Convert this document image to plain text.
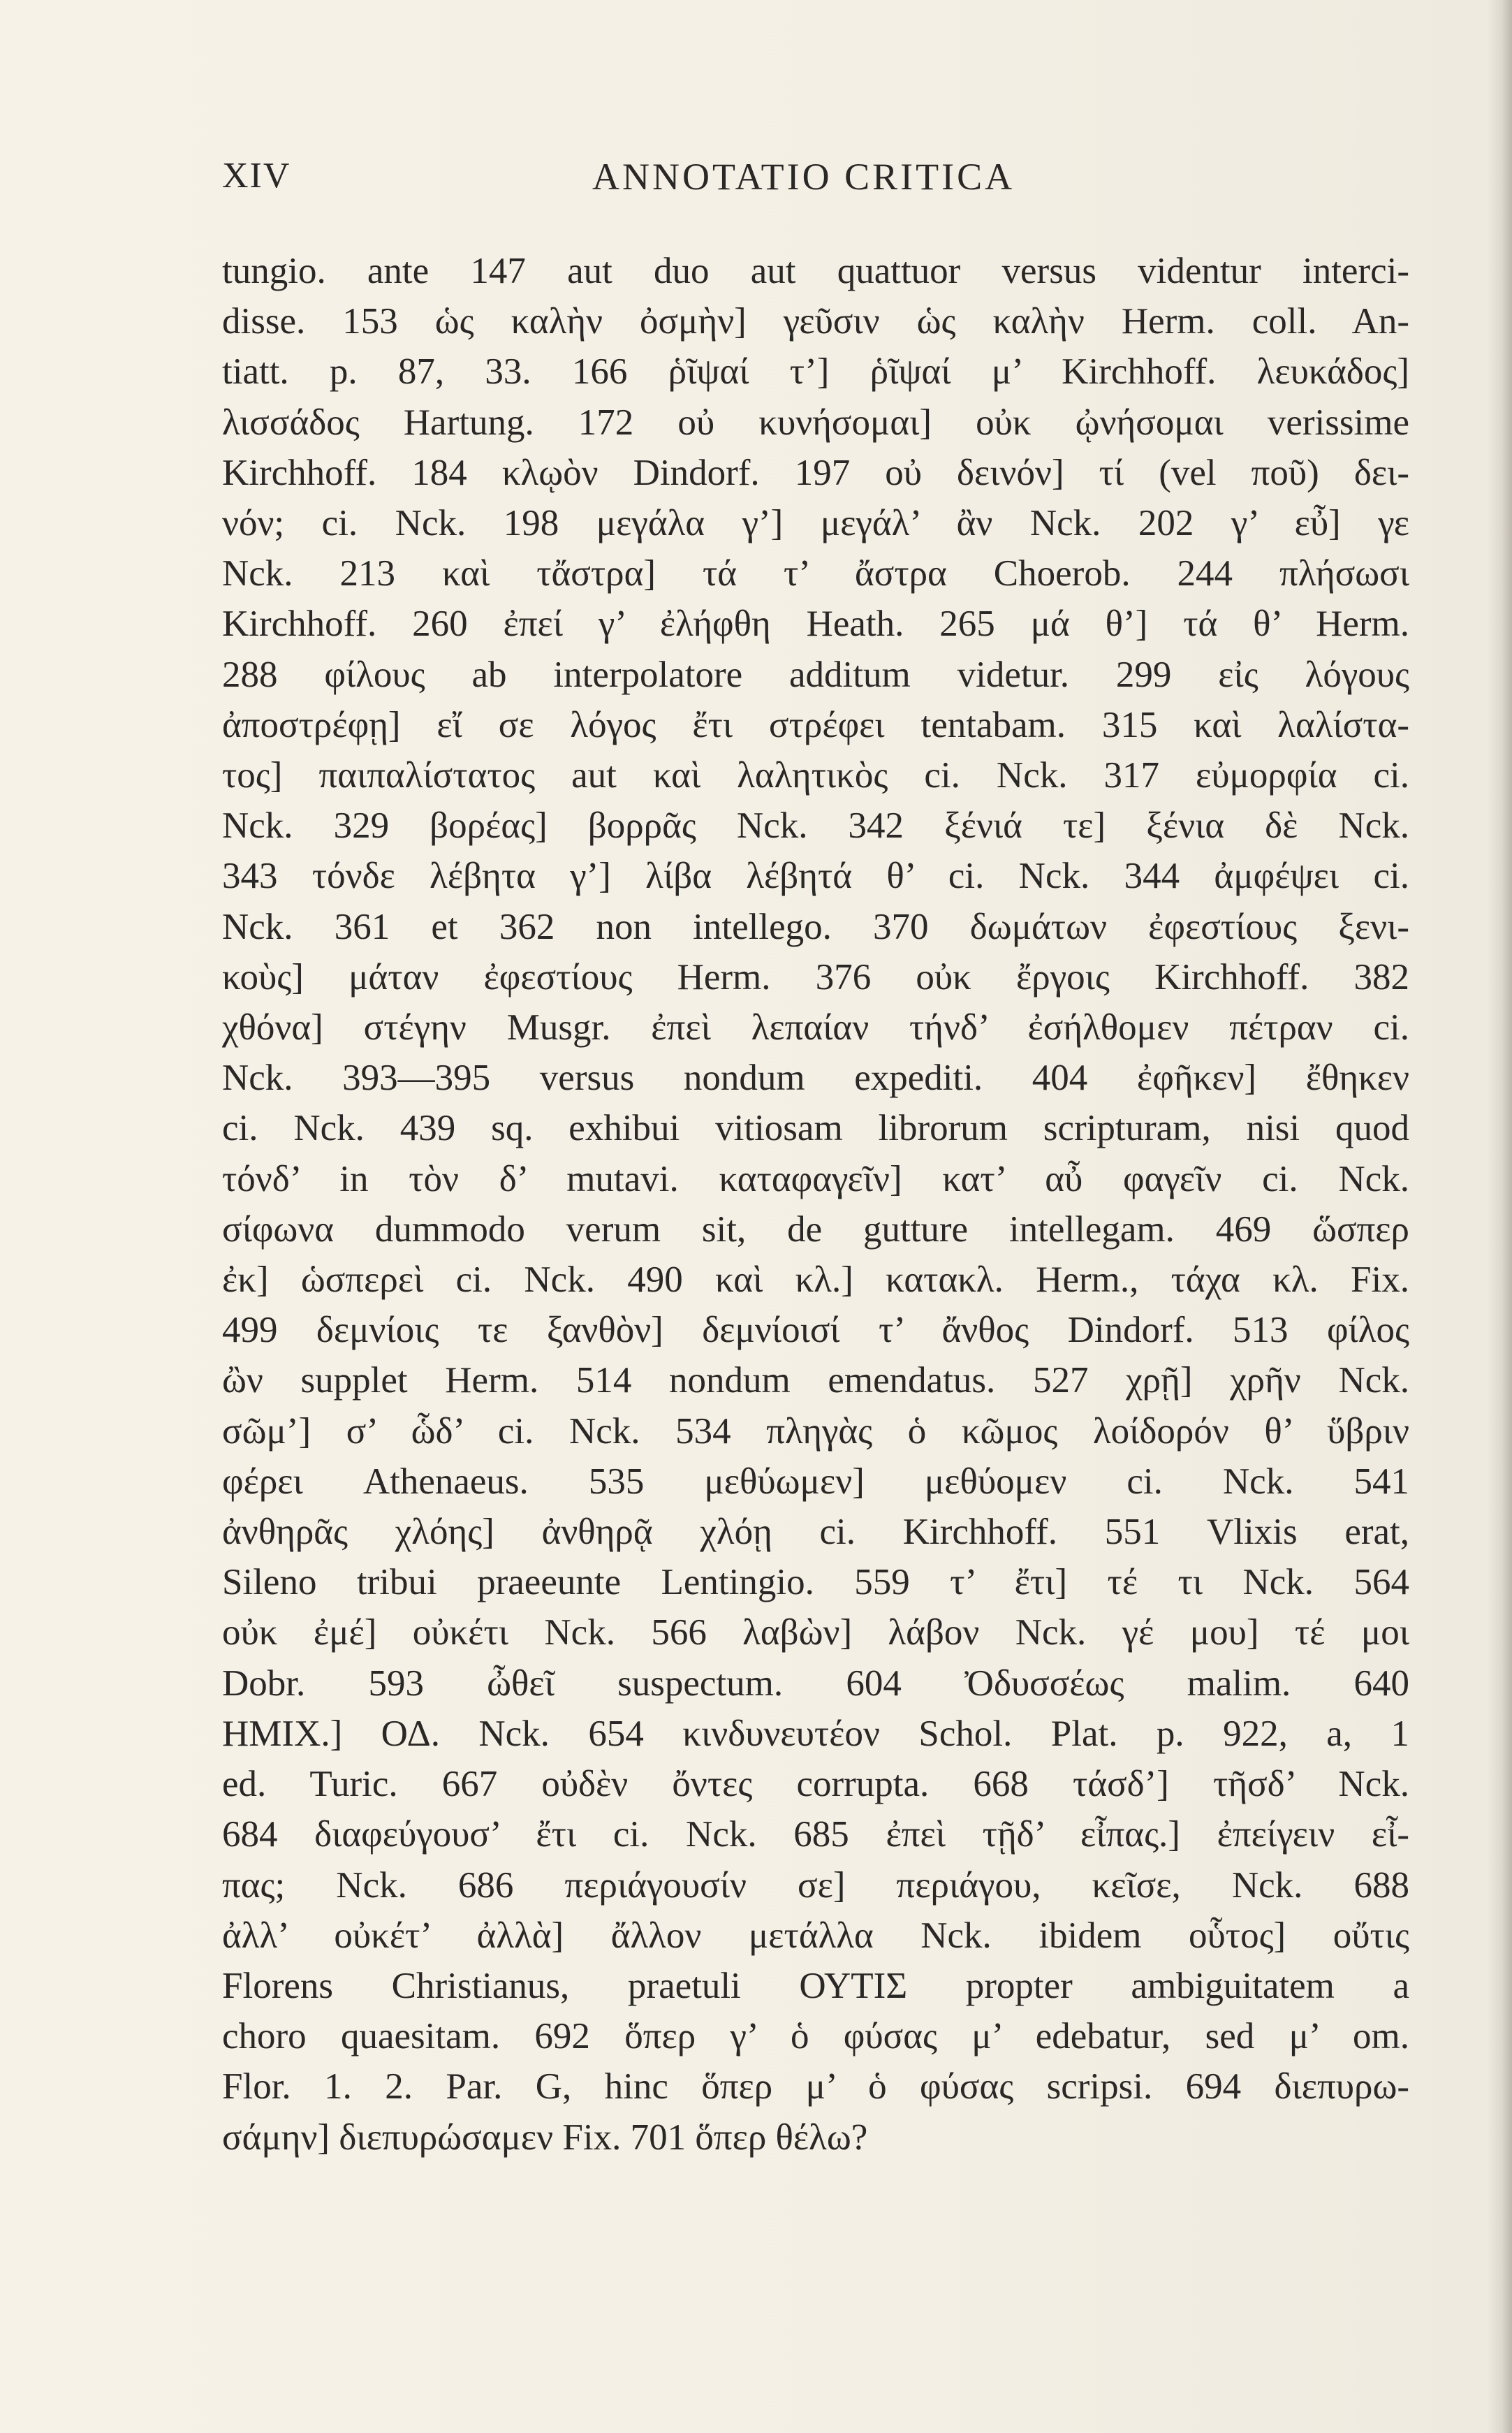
XIV	ANNOTATIO CRITICA
tungio. ante 147 aut duo aut quattuor versus videntur interci-
disse. 153 ὡς καλὴν ὀσμὴν] γεῦσιν ὡς καλὴν Herm. coll. An-
tiatt. p. 87, 33. 166 ῥῖψαί τ’] ῥῖψαί μ’ Kirchhoff. λευκάδος]
λισσάδος Hartung. 172 οὐ κυνήσομαι] οὐκ ᾠνήσομαι verissime
Kirchhoff. 184 κλῳὸν Dindorf. 197 οὐ δεινόν] τί (vel ποῦ) δει-
νόν; ci. Nck. 198 μεγάλα γ’] μεγάλ’ ἂν Nck. 202 γ’ εὖ] γε
Nck. 213 καὶ τἄστρα] τά τ’ ἄστρα Choerob. 244 πλήσωσι
Kirchhoff. 260 ἐπεί γ’ ἐλήφθη Heath. 265 μά θ’] τά θ’ Herm.
288 φίλους ab interpolatore additum videtur. 299 εἰς λόγους
ἀποστρέφῃ] εἴ σε λόγος ἔτι στρέφει tentabam. 315 καὶ λαλίστα-
τος] παιπαλίστατος aut καὶ λαλητικὸς ci. Nck. 317 εὐμορφία ci.
Nck. 329 βορέας] βορρᾶς Nck. 342 ξένιά τε] ξένια δὲ Nck.
343 τόνδε λέβητα γ’] λίβα λέβητά θ’ ci. Nck. 344 ἀμφέψει ci.
Nck. 361 et 362 non intellego. 370 δωμάτων ἐφεστίους ξενι-
κοὺς] μάταν ἐφεστίους Herm. 376 οὐκ ἔργοις Kirchhoff. 382
χθόνα] στέγην Musgr. ἐπεὶ λεπαίαν τήνδ’ ἐσήλθομεν πέτραν ci.
Nck. 393—395 versus nondum expediti. 404 ἐφῆκεν] ἔθηκεν
ci. Nck. 439 sq. exhibui vitiosam librorum scripturam, nisi quod
τόνδ’ in τὸν δ’ mutavi. καταφαγεῖν] κατ’ αὖ φαγεῖν ci. Nck.
σίφωνα dummodo verum sit, de gutture intellegam. 469 ὥσπερ
ἐκ] ὡσπερεὶ ci. Nck. 490 καὶ κλ.] κατακλ. Herm., τάχα κλ. Fix.
499 δεμνίοις τε ξανθὸν] δεμνίοισί τ’ ἄνθος Dindorf. 513 φίλος
ὢν supplet Herm. 514 nondum emendatus. 527 χρῇ] χρῆν Nck.
σῶμ’] σ’ ὧδ’ ci. Nck. 534 πληγὰς ὁ κῶμος λοίδορόν θ’ ὕβριν
φέρει Athenaeus. 535 μεθύωμεν] μεθύομεν ci. Nck. 541
ἀνθηρᾶς χλόης] ἀνθηρᾷ χλόῃ ci. Kirchhoff. 551 Vlixis erat,
Sileno tribui praeeunte Lentingio. 559 τ’ ἔτι] τέ τι Nck. 564
οὐκ ἐμέ] οὐκέτι Nck. 566 λαβὼν] λάβον Nck. γέ μου] τέ μοι
Dobr. 593 ὦθεῖ suspectum. 604 Ὀδυσσέως malim. 640
ΗΜΙΧ.] ΟΔ. Nck. 654 κινδυνευτέον Schol. Plat. p. 922, a, 1
ed. Turic. 667 οὐδὲν ὄντες corrupta. 668 τάσδ’] τῆσδ’ Nck.
684 διαφεύγουσ’ ἔτι ci. Nck. 685 ἐπεὶ τῇδ’ εἶπας.] ἐπείγειν εἶ-
πας; Nck. 686 περιάγουσίν σε] περιάγου, κεῖσε, Nck. 688
ἀλλ’ οὐκέτ’ ἀλλὰ] ἄλλον μετάλλα Nck. ibidem οὗτος] οὔτις
Florens Christianus, praetuli ΟΥΤΙΣ propter ambiguitatem a
choro quaesitam. 692 ὅπερ γ’ ὁ φύσας μ’ edebatur, sed μ’ om.
Flor. 1. 2. Par. G, hinc ὅπερ μ’ ὁ φύσας scripsi. 694 διεπυρω-
σάμην] διεπυρώσαμεν Fix. 701 ὅπερ θέλω?
